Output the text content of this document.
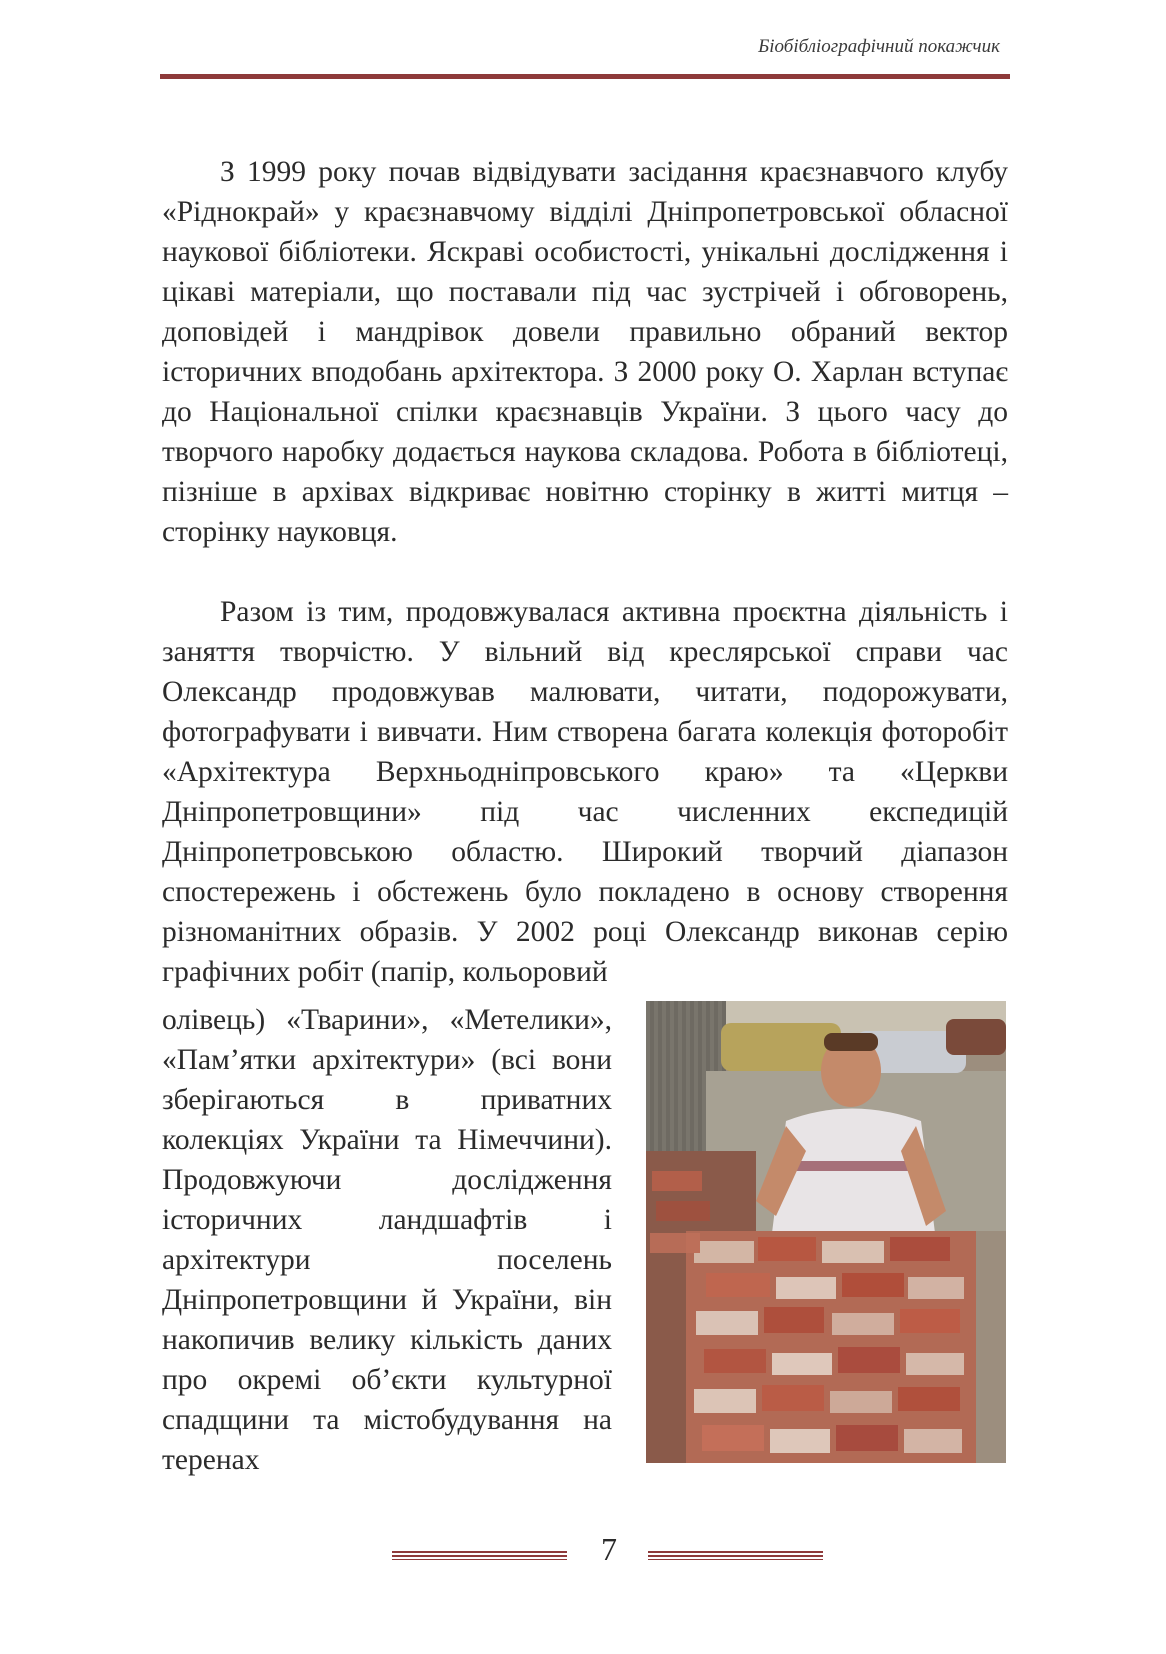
Біобібліографічний покажчик

З 1999 року почав відвідувати засідання краєзнавчого клубу «Ріднокрай» у краєзнавчому відділі Дніпропетровської обласної наукової бібліотеки. Яскраві особистості, унікальні дослідження і цікаві матеріали, що поставали під час зустрічей і обговорень, доповідей і мандрівок довели правильно обраний вектор історичних вподобань архітектора. З 2000 року О. Харлан вступає до Національної спілки краєзнавців України. З цього часу до творчого наробку додається наукова складова. Робота в бібліотеці, пізніше в архівах відкриває новітню сторінку в житті митця – сторінку науковця.

Разом із тим, продовжувалася активна проєктна діяльність і заняття творчістю. У вільний від креслярської справи час Олександр продовжував малювати, читати, подорожувати, фотографувати і вивчати. Ним створена багата колекція фоторобіт «Архітектура Верхньодніпровського краю» та «Церкви Дніпропетровщини» під час численних експедицій Дніпропетровською областю. Широкий творчий діапазон спостережень і обстежень було покладено в основу створення різноманітних образів. У 2002 році Олександр виконав серію графічних робіт (папір, кольоровий

олівець) «Тварини», «Метелики», «Пам’ятки архітектури» (всі вони зберігаються в приватних колекціях України та Німеччини). Продовжуючи дослідження історичних ландшафтів і архітектури поселень Дніпропетровщини й України, він накопичив велику кількість даних про окремі об’єкти культурної спадщини та містобудування на теренах
7
